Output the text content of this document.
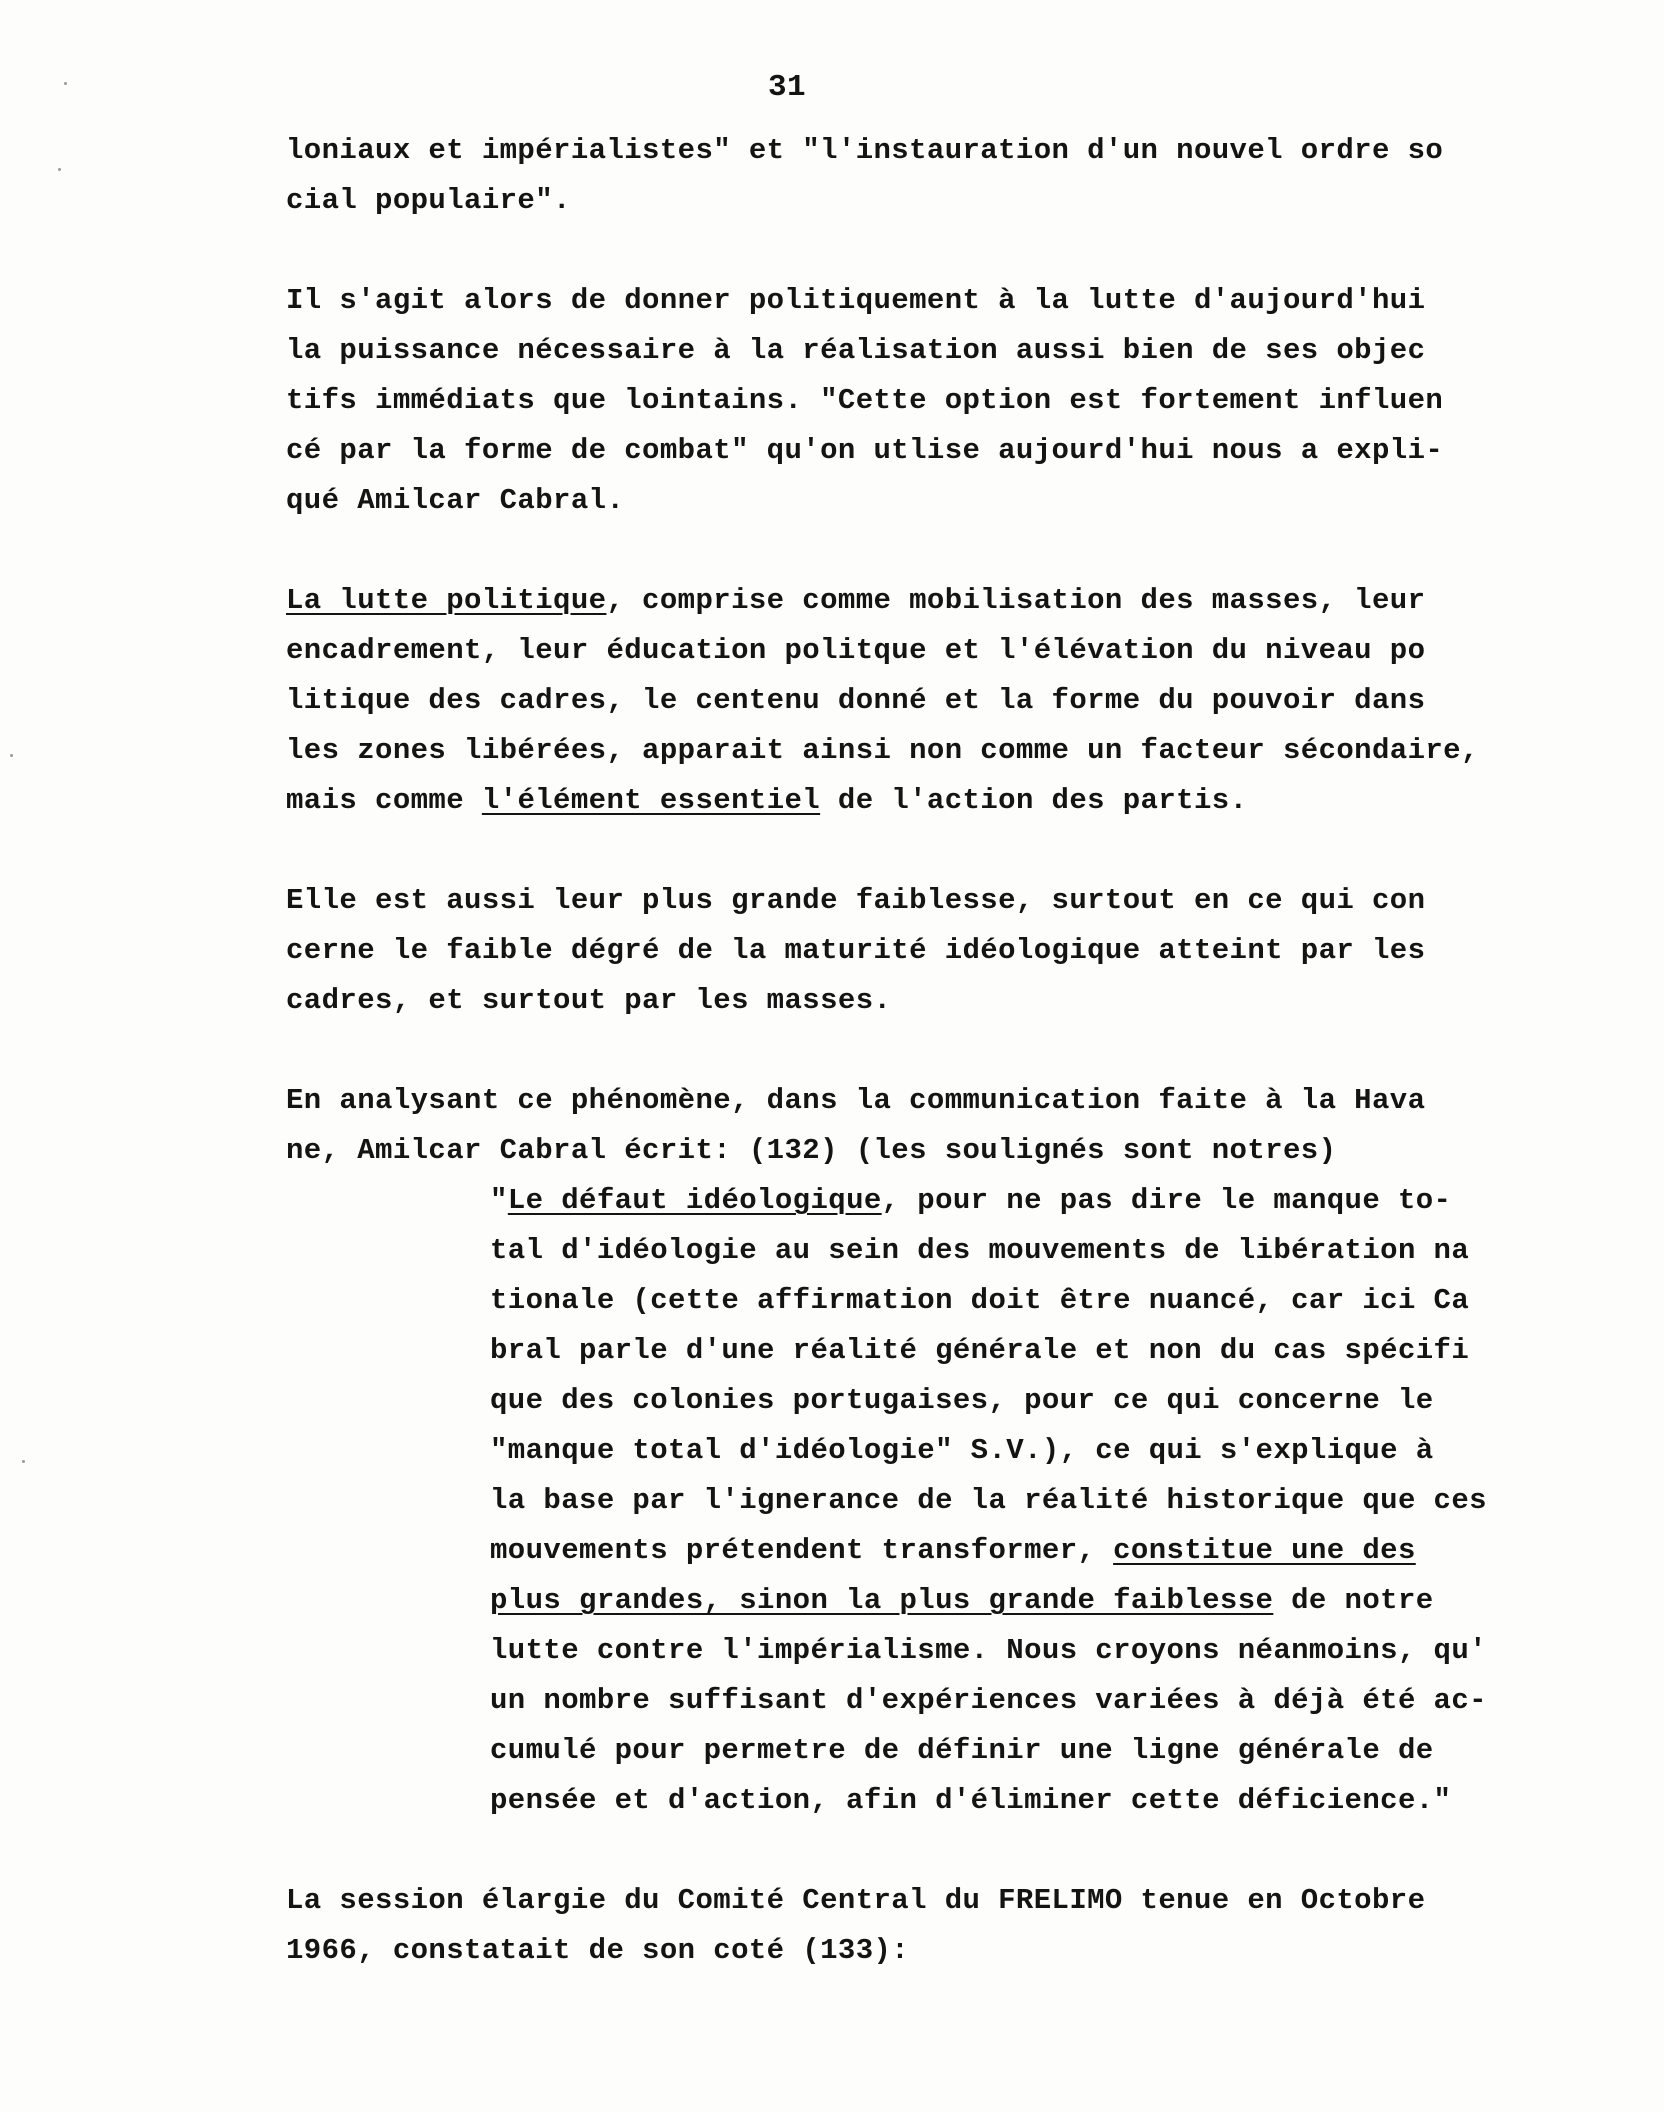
31
loniaux et impérialistes" et "l'instauration d'un nouvel ordre so
cial populaire".
Il s'agit alors de donner politiquement à la lutte d'aujourd'hui
la puissance nécessaire à la réalisation aussi bien de ses objec
tifs immédiats que lointains. "Cette option est fortement influen
cé par la forme de combat" qu'on utlise aujourd'hui nous a expli-
qué Amilcar Cabral.
La lutte politique, comprise comme mobilisation des masses, leur
encadrement, leur éducation politque et l'élévation du niveau po
litique des cadres, le centenu donné et la forme du pouvoir dans
les zones libérées, apparait ainsi non comme un facteur sécondaire,
mais comme l'élément essentiel de l'action des partis.
Elle est aussi leur plus grande faiblesse, surtout en ce qui con
cerne le faible dégré de la maturité idéologique atteint par les
cadres, et surtout par les masses.
En analysant ce phénomène, dans la communication faite à la Hava
ne, Amilcar Cabral écrit: (132) (les soulignés sont notres)
"Le défaut idéologique, pour ne pas dire le manque to-
tal d'idéologie au sein des mouvements de libération na
tionale (cette affirmation doit être nuancé, car ici Ca
bral parle d'une réalité générale et non du cas spécifi
que des colonies portugaises, pour ce qui concerne le
"manque total d'idéologie" S.V.), ce qui s'explique à
la base par l'ignerance de la réalité historique que ces
mouvements prétendent transformer, constitue une des
plus grandes, sinon la plus grande faiblesse de notre
lutte contre l'impérialisme. Nous croyons néanmoins, qu'
un nombre suffisant d'expériences variées à déjà été ac-
cumulé pour permetre de définir une ligne générale de
pensée et d'action, afin d'éliminer cette déficience."
La session élargie du Comité Central du FRELIMO tenue en Octobre
1966, constatait de son coté (133):
